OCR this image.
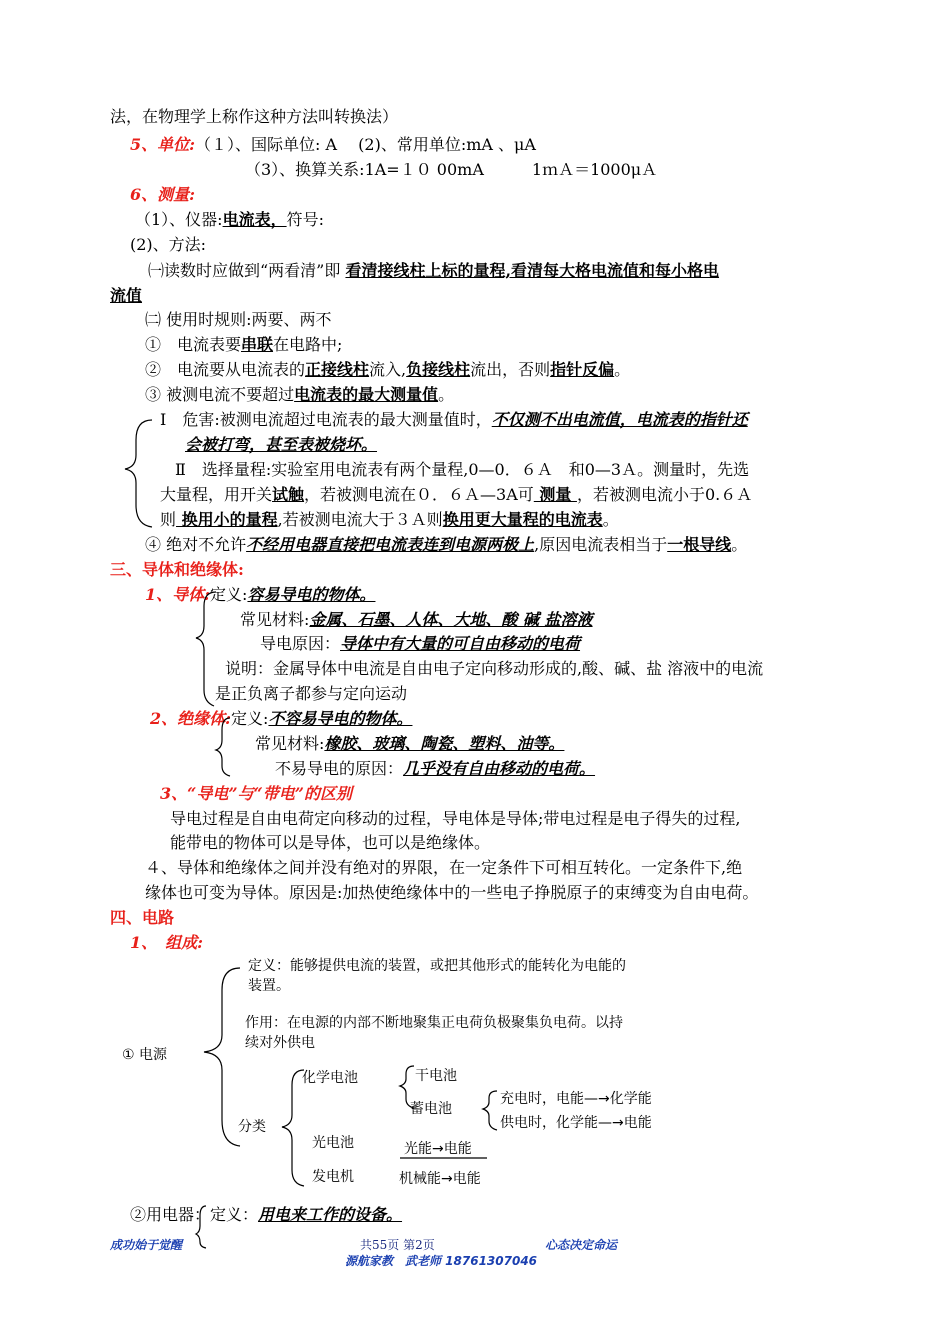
法，在物理学上称作这种方法叫转换法）
5、单位:（１）、国际单位: A　 (2)、常用单位:mA 、μA
（3）、换算关系:1A=１０ 00mA　　　1ｍＡ＝1000μＡ
6、测量:
（1）、仪器:电流表，符号:
(2)、方法:
㈠读数时应做到“两看清”即 看清接线柱上标的量程,看清每大格电流值和每小格电
流值
㈡ 使用时规则:两要、两不
①　电流表要串联在电路中;
②　电流要从电流表的正接线柱流入,负接线柱流出，否则指针反偏。
③ 被测电流不要超过电流表的最大测量值。
Ⅰ　危害:被测电流超过电流表的最大测量值时，不仅测不出电流值，电流表的指针还
会被打弯，甚至表被烧坏。
Ⅱ　选择量程:实验室用电流表有两个量程,0—0．６Ａ　和0—3Ａ。测量时，先选
大量程，用开关试触，若被测电流在０．６Ａ—3A可 测量 ，若被测电流小于0.６Ａ
则 换用小的量程,若被测电流大于３Ａ则换用更大量程的电流表。
④ 绝对不允许不经用电器直接把电流表连到电源两极上,原因电流表相当于一根导线。
三、导体和绝缘体:
1、导体:定义:容易导电的物体。
常见材料:金属、石墨、人体、大地、酸 碱 盐溶液
导电原因：导体中有大量的可自由移动的电荷
说明：金属导体中电流是自由电子定向移动形成的,酸、碱、盐 溶液中的电流
是正负离子都参与定向运动
2、绝缘体:定义:不容易导电的物体。
常见材料:橡胶、玻璃、陶瓷、塑料、油等。
不易导电的原因：几乎没有自由移动的电荷。
3、“导电”与“带电”的区别
导电过程是自由电荷定向移动的过程，导电体是导体;带电过程是电子得失的过程,
能带电的物体可以是导体，也可以是绝缘体。
４、导体和绝缘体之间并没有绝对的界限，在一定条件下可相互转化。一定条件下,绝
缘体也可变为导体。原因是:加热使绝缘体中的一些电子挣脱原子的束缚变为自由电荷。
四、电路
1、　组成:
定义：能够提供电流的装置，或把其他形式的能转化为电能的
装置。
作用：在电源的内部不断地聚集正电荷负极聚集负电荷。以持
续对外供电
① 电源
分类
化学电池	干电池
蓄电池
充电时，电能—→化学能
供电时，化学能—→电能
光电池	光能→电能
发电机	机械能→电能
②用电器：定义：用电来工作的设备。
成功始于觉醒	共55页 第2页	心态决定命运
源航家教　武老师 18761307046
